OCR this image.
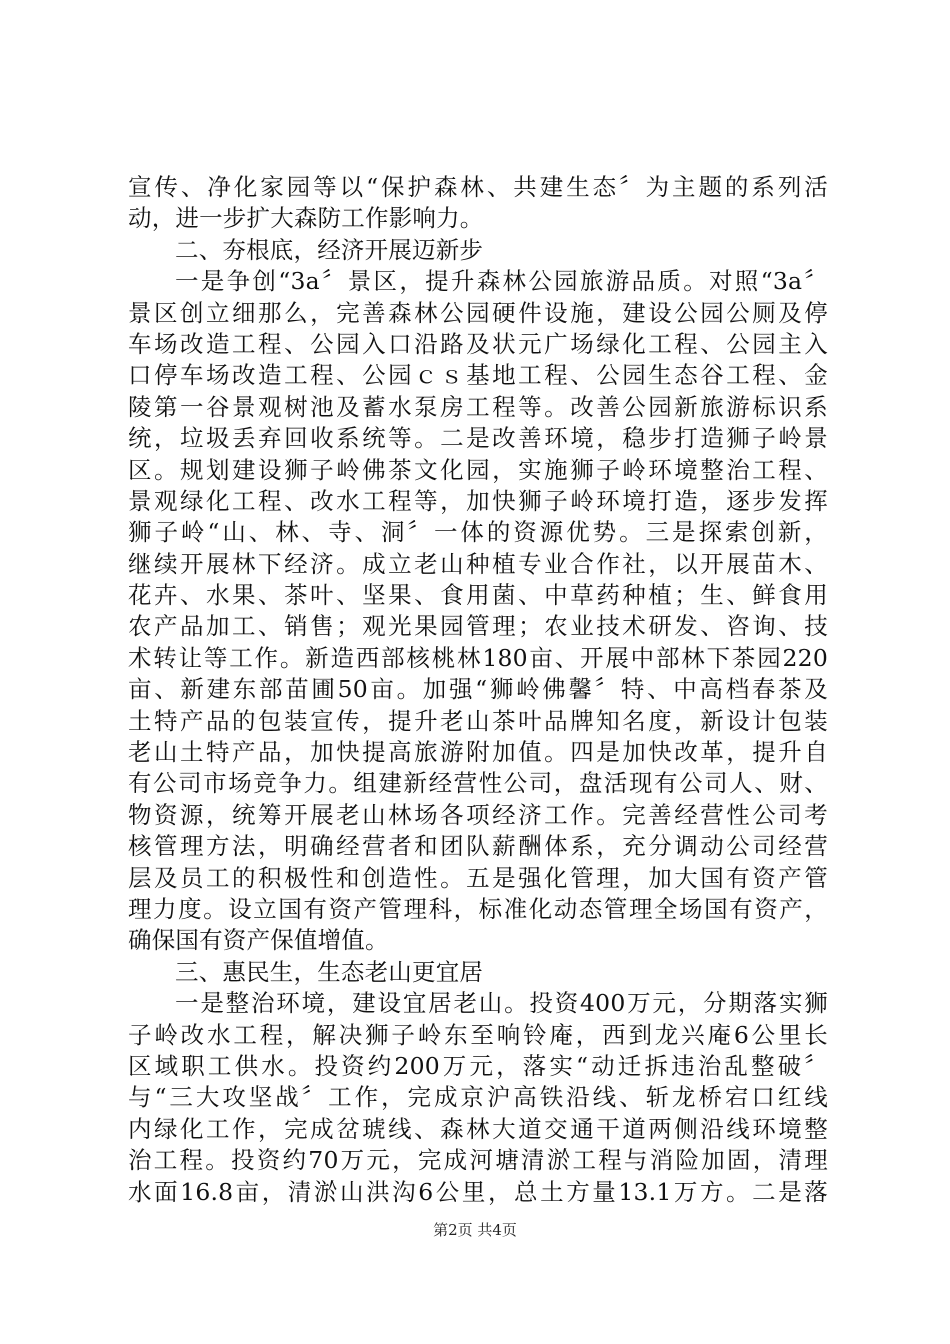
宣传、净化家园等以“保护森林、共建生态〞为主题的系列活
动，进一步扩大森防工作影响力。
二、夯根底，经济开展迈新步
一是争创“3a〞景区，提升森林公园旅游品质。对照“3a〞
景区创立细那么，完善森林公园硬件设施，建设公园公厕及停
车场改造工程、公园入口沿路及状元广场绿化工程、公园主入
口停车场改造工程、公园ｃｓ基地工程、公园生态谷工程、金
陵第一谷景观树池及蓄水泵房工程等。改善公园新旅游标识系
统，垃圾丢弃回收系统等。二是改善环境，稳步打造狮子岭景
区。规划建设狮子岭佛茶文化园，实施狮子岭环境整治工程、
景观绿化工程、改水工程等，加快狮子岭环境打造，逐步发挥
狮子岭“山、林、寺、洞〞一体的资源优势。三是探索创新，
继续开展林下经济。成立老山种植专业合作社，以开展苗木、
花卉、水果、茶叶、坚果、食用菌、中草药种植；生、鲜食用
农产品加工、销售；观光果园管理；农业技术研发、咨询、技
术转让等工作。新造西部核桃林180亩、开展中部林下茶园220
亩、新建东部苗圃50亩。加强“狮岭佛馨〞特、中高档春茶及
土特产品的包装宣传，提升老山茶叶品牌知名度，新设计包装
老山土特产品，加快提高旅游附加值。四是加快改革，提升自
有公司市场竞争力。组建新经营性公司，盘活现有公司人、财、
物资源，统筹开展老山林场各项经济工作。完善经营性公司考
核管理方法，明确经营者和团队薪酬体系，充分调动公司经营
层及员工的积极性和创造性。五是强化管理，加大国有资产管
理力度。设立国有资产管理科，标准化动态管理全场国有资产，
确保国有资产保值增值。
三、惠民生，生态老山更宜居
一是整治环境，建设宜居老山。投资400万元，分期落实狮
子岭改水工程，解决狮子岭东至响铃庵，西到龙兴庵6公里长
区域职工供水。投资约200万元，落实“动迁拆违治乱整破〞
与“三大攻坚战〞工作，完成京沪高铁沿线、斩龙桥宕口红线
内绿化工作，完成岔琥线、森林大道交通干道两侧沿线环境整
治工程。投资约70万元，完成河塘清淤工程与消险加固，清理
水面16.8亩，清淤山洪沟6公里，总土方量13.1万方。二是落
第2页 共4页
